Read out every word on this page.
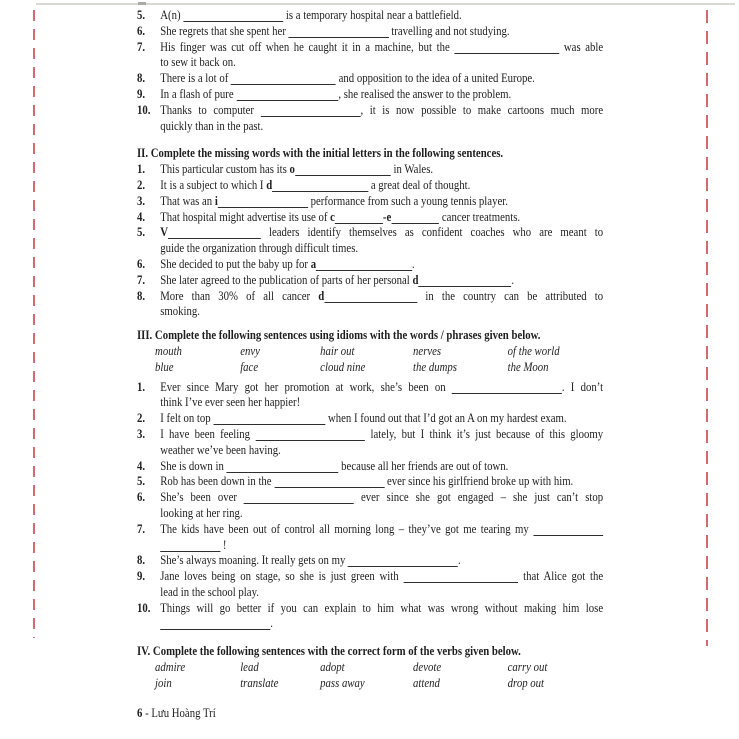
5.	A(n)	is a temporary hospital near a battlefield.
6.	She regrets that she spent her	travelling and not studying.
7.	His finger was cut off when he caught it in a machine, but the	was able
to sew it back on.
8.	There is a lot of	and opposition to the idea of a united Europe.
9.	In a flash of pure	, she realised the answer to the problem.
10. Thanks to computer	, it is now possible to make cartoons much more
quickly than in the past.
II. Complete the missing words with the initial letters in the following sentences.
1.	This particular custom has its o	in Wales.
2.	It is a subject to which I d	a great deal of thought.
3.	That was an i	performance from such a young tennis player.
4.	That hospital might advertise its use of c	-e	cancer treatments.
5.	V	leaders identify themselves as confident coaches who are meant to
guide the organization through difficult times.
6.	She decided to put the baby up for a	.
7.	She later agreed to the publication of parts of her personal d	.
8.	More than 30% of all cancer d	in the country can be attributed to
smoking.
III. Complete the following sentences using idioms with the words / phrases given below.
mouth	envy	hair out	nerves	of the world
blue	face	cloud nine	the dumps	the Moon
1.	Ever since Mary got her promotion at work, she’s been on	. I don’t
think I’ve ever seen her happier!
2.	I felt on top	when I found out that I’d got an A on my hardest exam.
3.	I have been feeling	lately, but I think it’s just because of this gloomy
weather we’ve been having.
4.	She is down in	because all her friends are out of town.
5.	Rob has been down in the	ever since his girlfriend broke up with him.
6.	She’s been over	ever since she got engaged – she just can’t stop
looking at her ring.
7.	The kids have been out of control all morning long – they’ve got me tearing my
!
8.	She’s always moaning. It really gets on my	.
9.	Jane loves being on stage, so she is just green with	that Alice got the
lead in the school play.
10. Things will go better if you can explain to him what was wrong without making him lose
.
IV. Complete the following sentences with the correct form of the verbs given below.
admire	lead	adopt	devote	carry out
join	translate	pass away	attend	drop out
6 - Lưu Hoàng Trí
